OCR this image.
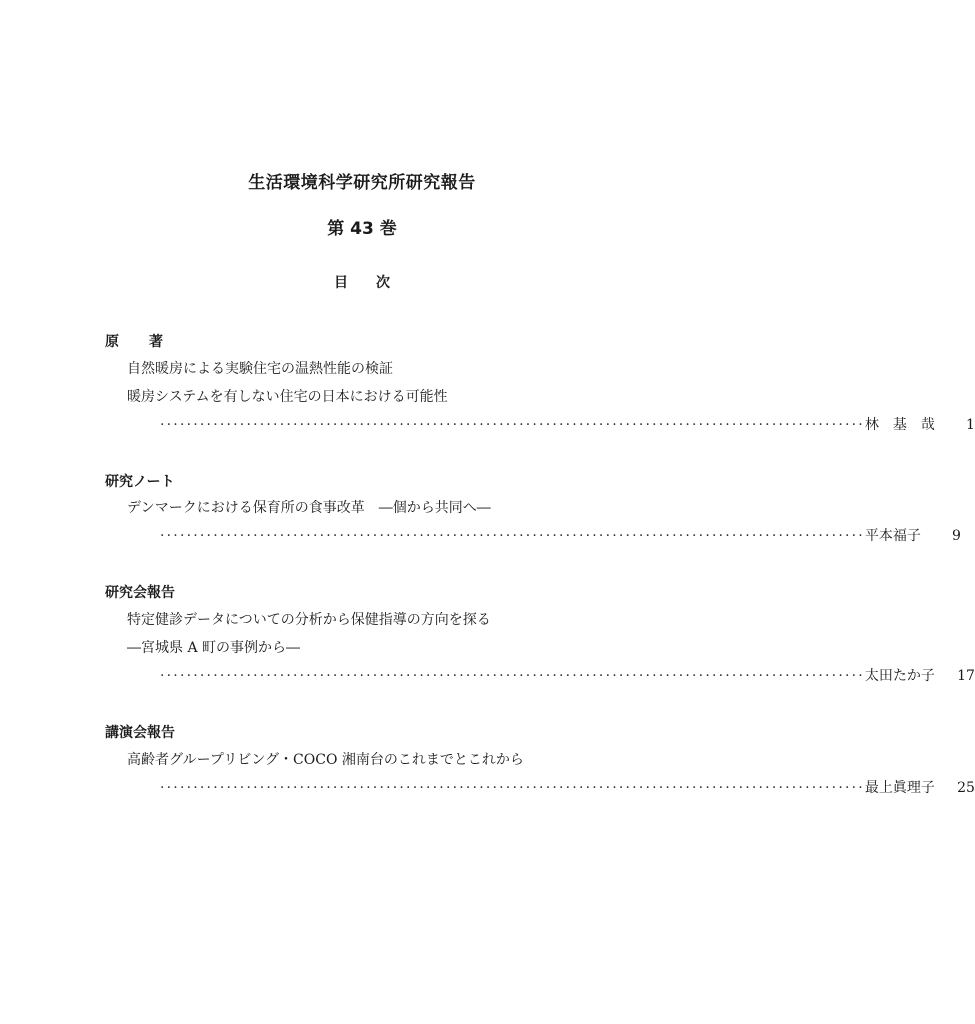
生活環境科学研究所研究報告
第 43 巻
目次
原著
自然暖房による実験住宅の温熱性能の検証
暖房システムを有しない住宅の日本における可能性
·········································································································· 林基哉	1
研究ノート
デンマークにおける保育所の食事改革　―個から共同へ―
·········································································································· 平本福子	9
研究会報告
特定健診データについての分析から保健指導の方向を探る
―宮城県 A 町の事例から―
·········································································································· 太田たか子	17
講演会報告
高齢者グループリビング・COCO 湘南台のこれまでとこれから
·········································································································· 最上眞理子	25
